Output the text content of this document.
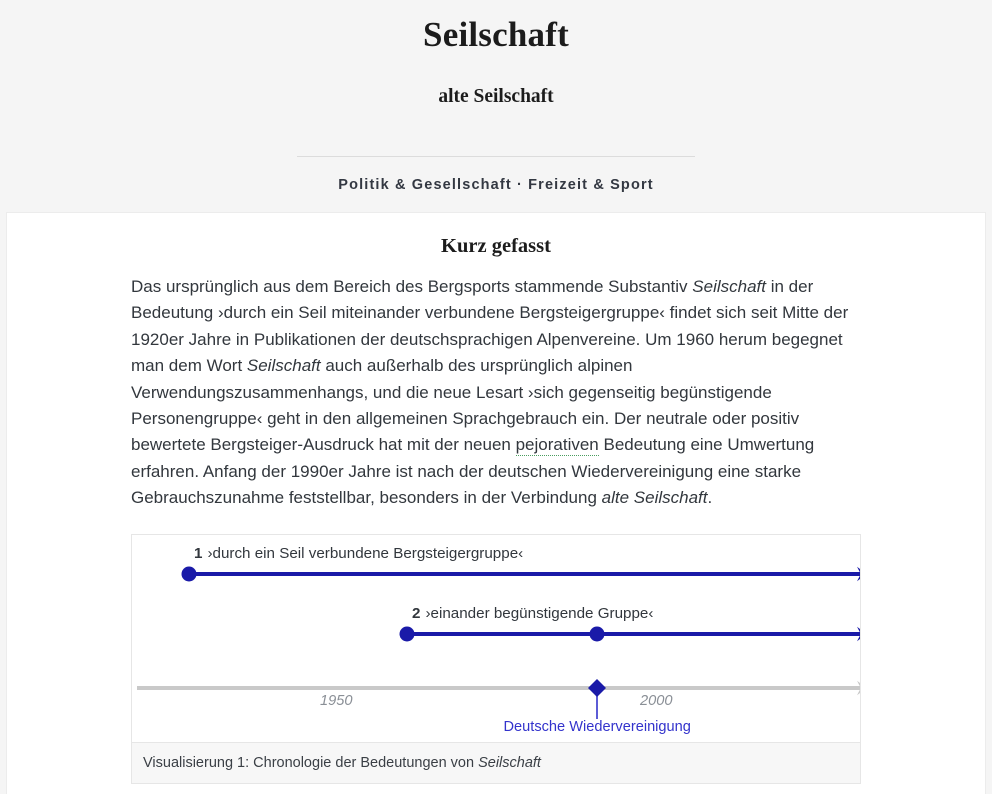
Seilschaft
alte Seilschaft
Politik & Gesellschaft · Freizeit & Sport
Kurz gefasst

Das ursprünglich aus dem Bereich des Bergsports stammende Substantiv Seilschaft in der Bedeutung ›durch ein Seil miteinander verbundene Bergsteigergruppe‹ findet sich seit Mitte der 1920er Jahre in Publikationen der deutschsprachigen Alpenvereine. Um 1960 herum begegnet man dem Wort Seilschaft auch außerhalb des ursprünglich alpinen Verwendungszusammenhangs, und die neue Lesart ›sich gegenseitig begünstigende Personengruppe‹ geht in den allgemeinen Sprachgebrauch ein. Der neutrale oder positiv bewertete Bergsteiger-Ausdruck hat mit der neuen pejorativen Bedeutung eine Umwertung erfahren. Anfang der 1990er Jahre ist nach der deutschen Wiedervereinigung eine starke Gebrauchszunahme feststellbar, besonders in der Verbindung alte Seilschaft.

1 ›durch ein Seil verbundene Bergsteigergruppe‹
2 ›einander begünstigende Gruppe‹
1950	2000
Deutsche Wiedervereinigung
Visualisierung 1: Chronologie der Bedeutungen von Seilschaft
